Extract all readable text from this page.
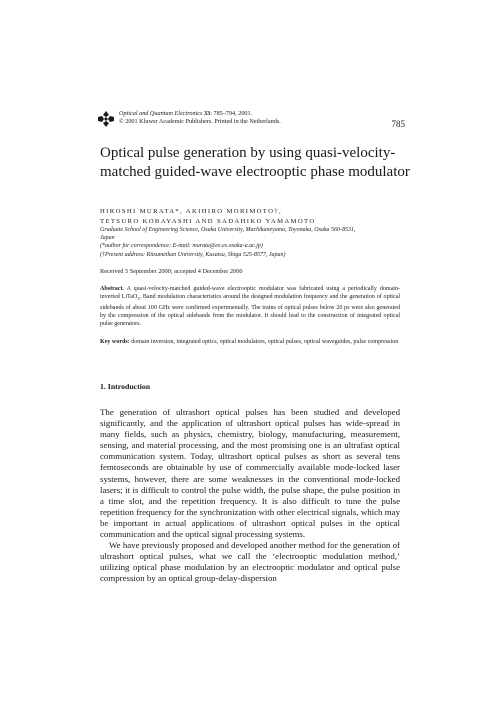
Optical and Quantum Electronics 33: 785–794, 2001.
© 2001 Kluwer Academic Publishers. Printed in the Netherlands.	785
Optical pulse generation by using quasi-velocity-
matched guided-wave electrooptic phase modulator
HIROSHI MURATA*, AKIHIRO MORIMOTO†,
TETSURO KOBAYASHI AND SADAHIKO YAMAMOTO
Graduate School of Engineering Science, Osaka University, Machikaneyama, Toyonaka, Osaka 560-8531,
Japan
(*author for correspondence: E-mail: murata@ee.es.osaka-u.ac.jp)
(†Present address: Ritsumeikan University, Kusatsu, Shiga 525-8577, Japan)
Received 5 September 2000; accepted 4 December 2000
Abstract. A quasi-velocity-matched guided-wave electrooptic modulator was fabricated using a periodically domain-inverted LiTaO$_3$. Band modulation characteristics around the designed modulation frequency and the generation of optical sidebands of about 100 GHz were confirmed experimentally. The trains of optical pulses below 20 ps were also generated by the compression of the optical sidebands from the modulator. It should lead to the construction of integrated optical pulse generators.
Key words: domain inversion, integrated optics, optical modulators, optical pulses, optical waveguides, pulse compression
1. Introduction

The generation of ultrashort optical pulses has been studied and developed significantly, and the application of ultrashort optical pulses has wide-spread in many fields, such as physics, chemistry, biology, manufacturing, measurement, sensing, and material processing, and the most promising one is an ultrafast optical communication system. Today, ultrashort optical pulses as short as several tens femtoseconds are obtainable by use of commercially available mode-locked laser systems, however, there are some weaknesses in the conventional mode-locked lasers; it is difficult to control the pulse width, the pulse shape, the pulse position in a time slot, and the repetition frequency. It is also difficult to tune the pulse repetition frequency for the synchronization with other electrical signals, which may be important in actual applications of ultrashort optical pulses in the optical communication and the optical signal processing systems.

We have previously proposed and developed another method for the generation of ultrashort optical pulses, what we call the ‘electrooptic modulation method,’ utilizing optical phase modulation by an electrooptic modulator and optical pulse compression by an optical group-delay-dispersion
